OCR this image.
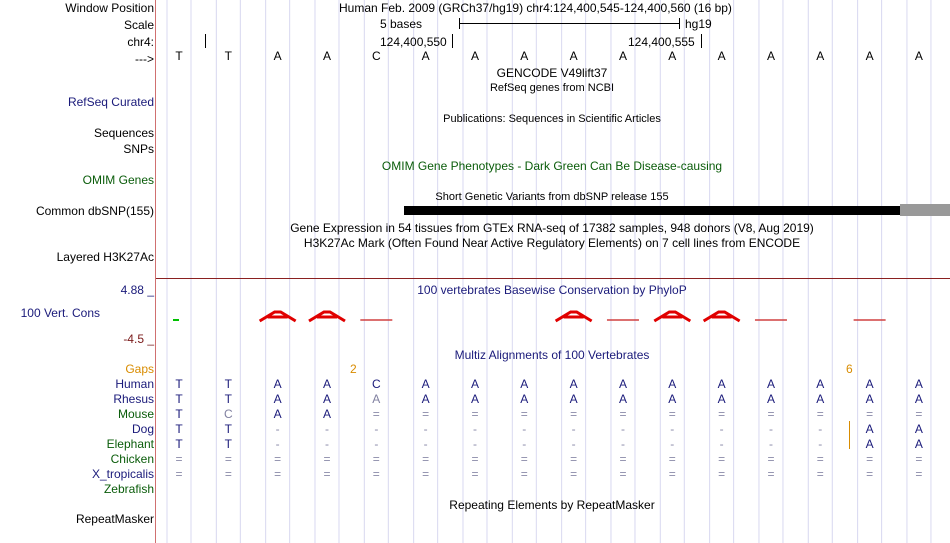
Window Position	Human Feb. 2009 (GRCh37/hg19) chr4:124,400,545-124,400,560 (16 bp)
Scale	5 bases	hg19
chr4:	124,400,550	124,400,555
--->	T	T	A	A	C	A	A	A	A	A	A	A	A	A	A	A
GENCODE V49lift37
RefSeq genes from NCBI
RefSeq Curated
Publications: Sequences in Scientific Articles
Sequences
SNPs
OMIM Gene Phenotypes - Dark Green Can Be Disease-causing
OMIM Genes
Short Genetic Variants from dbSNP release 155
Common dbSNP(155)
Gene Expression in 54 tissues from GTEx RNA-seq of 17382 samples, 948 donors (V8, Aug 2019)
H3K27Ac Mark (Often Found Near Active Regulatory Elements) on 7 cell lines from ENCODE
Layered H3K27Ac
4.88 _	100 vertebrates Basewise Conservation by PhyloP
100 Vert. Cons
-4.5 _
Multiz Alignments of 100 Vertebrates
Gaps	2	6
Human	T	T	A	A	C	A	A	A	A	A	A	A	A	A	A	A
Rhesus	T	T	A	A	A	A	A	A	A	A	A	A	A	A	A	A
Mouse	T	C	A	A	=	=	=	=	=	=	=	=	=	=	=	=
Dog	T	T	-	-	-	-	-	-	-	-	-	-	-	-	A	A
Elephant	T	T	-	-	-	-	-	-	-	-	-	-	-	-	A	A
Chicken	=	=	=	=	=	=	=	=	=	=	=	=	=	=	=	=
X_tropicalis	=	=	=	=	=	=	=	=	=	=	=	=	=	=	=	=
Zebrafish
Repeating Elements by RepeatMasker
RepeatMasker
